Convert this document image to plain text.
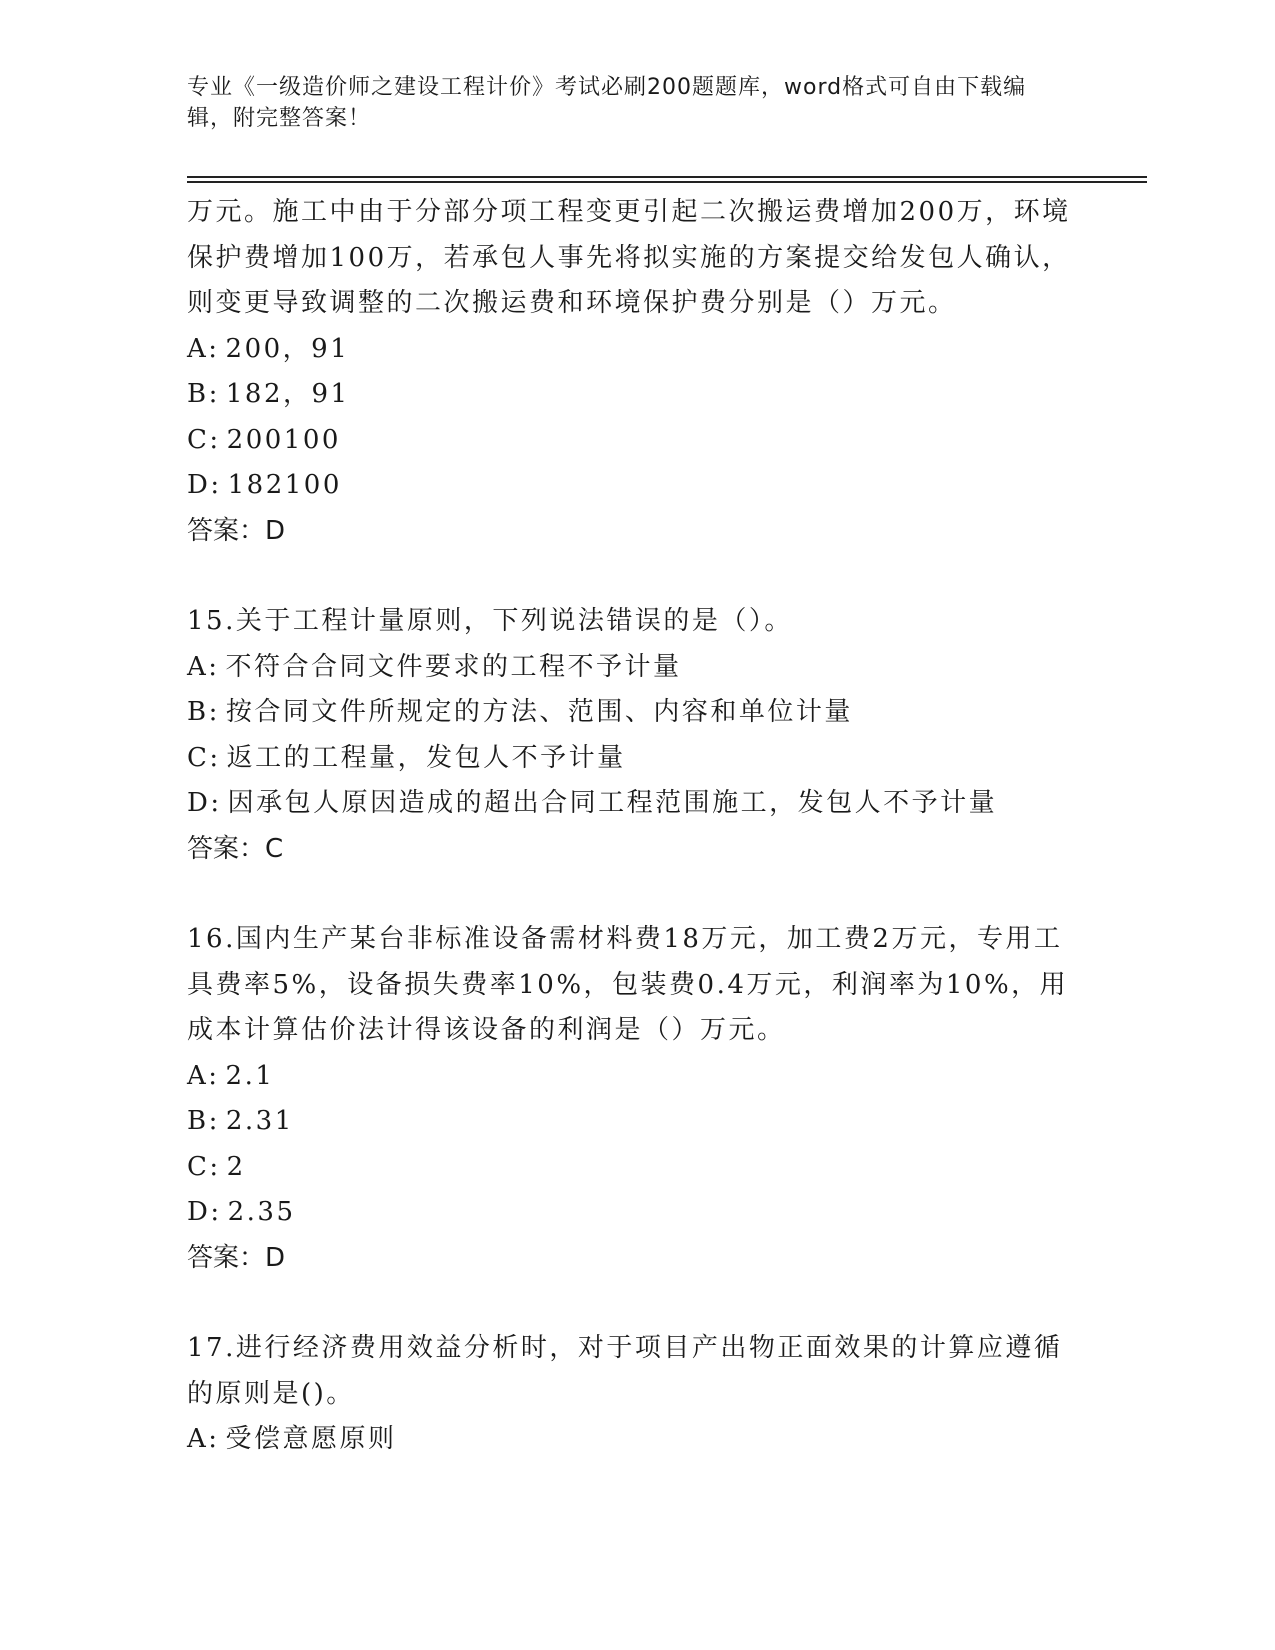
专业《一级造价师之建设工程计价》考试必刷200题题库，word格式可自由下载编辑，附完整答案！

万元。施工中由于分部分项工程变更引起二次搬运费增加200万，环境保护费增加100万，若承包人事先将拟实施的方案提交给发包人确认，则变更导致调整的二次搬运费和环境保护费分别是（）万元。

A: 200，91

B: 182，91

C: 200100

D: 182100

答案：D

15.关于工程计量原则，下列说法错误的是（）。

A: 不符合合同文件要求的工程不予计量

B: 按合同文件所规定的方法、范围、内容和单位计量

C: 返工的工程量，发包人不予计量

D: 因承包人原因造成的超出合同工程范围施工，发包人不予计量

答案：C

16.国内生产某台非标准设备需材料费18万元，加工费2万元，专用工具费率5%，设备损失费率10%，包装费0.4万元，利润率为10%，用成本计算估价法计得该设备的利润是（）万元。

A: 2.1

B: 2.31

C: 2

D: 2.35

答案：D

17.进行经济费用效益分析时，对于项目产出物正面效果的计算应遵循的原则是()。

A: 受偿意愿原则
